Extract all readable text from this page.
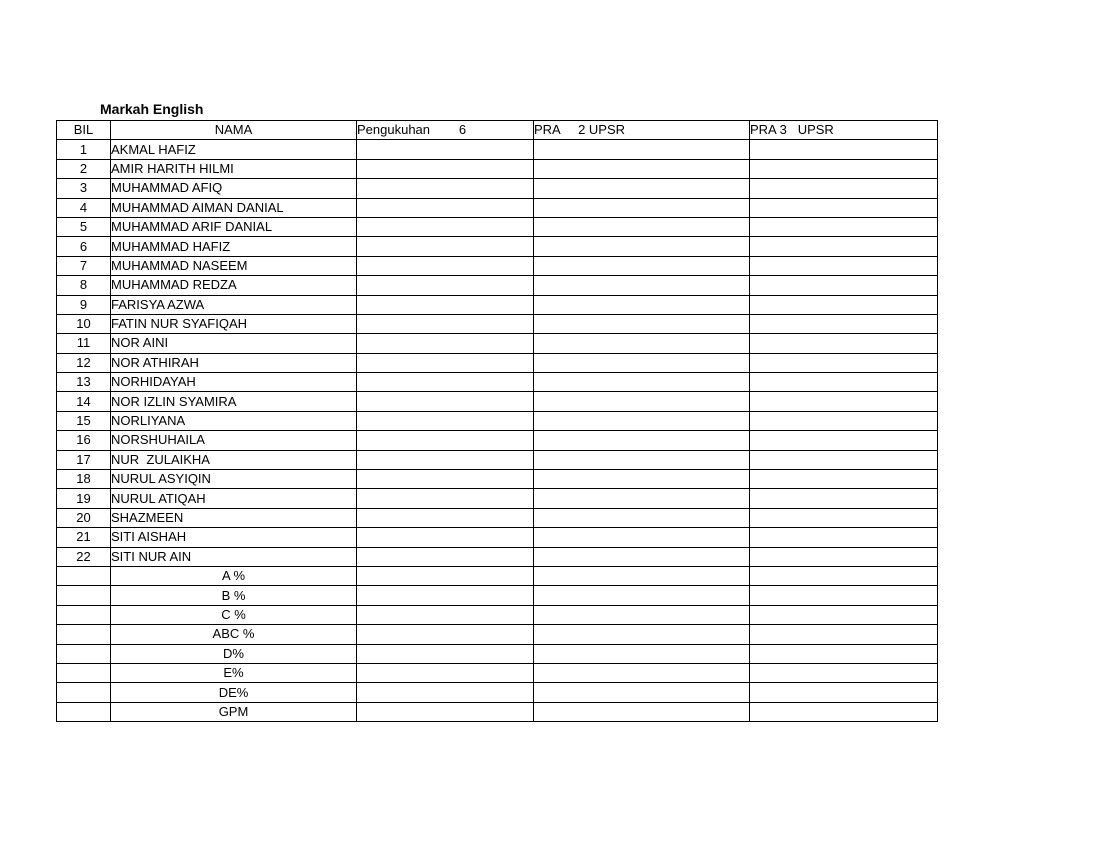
Markah English
BIL	NAMA	Pengukuhan        6	PRA     2 UPSR	PRA 3   UPSR
1	AKMAL HAFIZ			
2	AMIR HARITH HILMI			
3	MUHAMMAD AFIQ			
4	MUHAMMAD AIMAN DANIAL			
5	MUHAMMAD ARIF DANIAL			
6	MUHAMMAD HAFIZ			
7	MUHAMMAD NASEEM			
8	MUHAMMAD REDZA			
9	FARISYA AZWA			
10	FATIN NUR SYAFIQAH			
11	NOR AINI			
12	NOR ATHIRAH			
13	NORHIDAYAH			
14	NOR IZLIN SYAMIRA			
15	NORLIYANA			
16	NORSHUHAILA			
17	NUR  ZULAIKHA			
18	NURUL ASYIQIN			
19	NURUL ATIQAH			
20	SHAZMEEN			
21	SITI AISHAH			
22	SITI NUR AIN			
	A %			
	B %			
	C %			
	ABC %			
	D%			
	E%			
	DE%			
	GPM			
